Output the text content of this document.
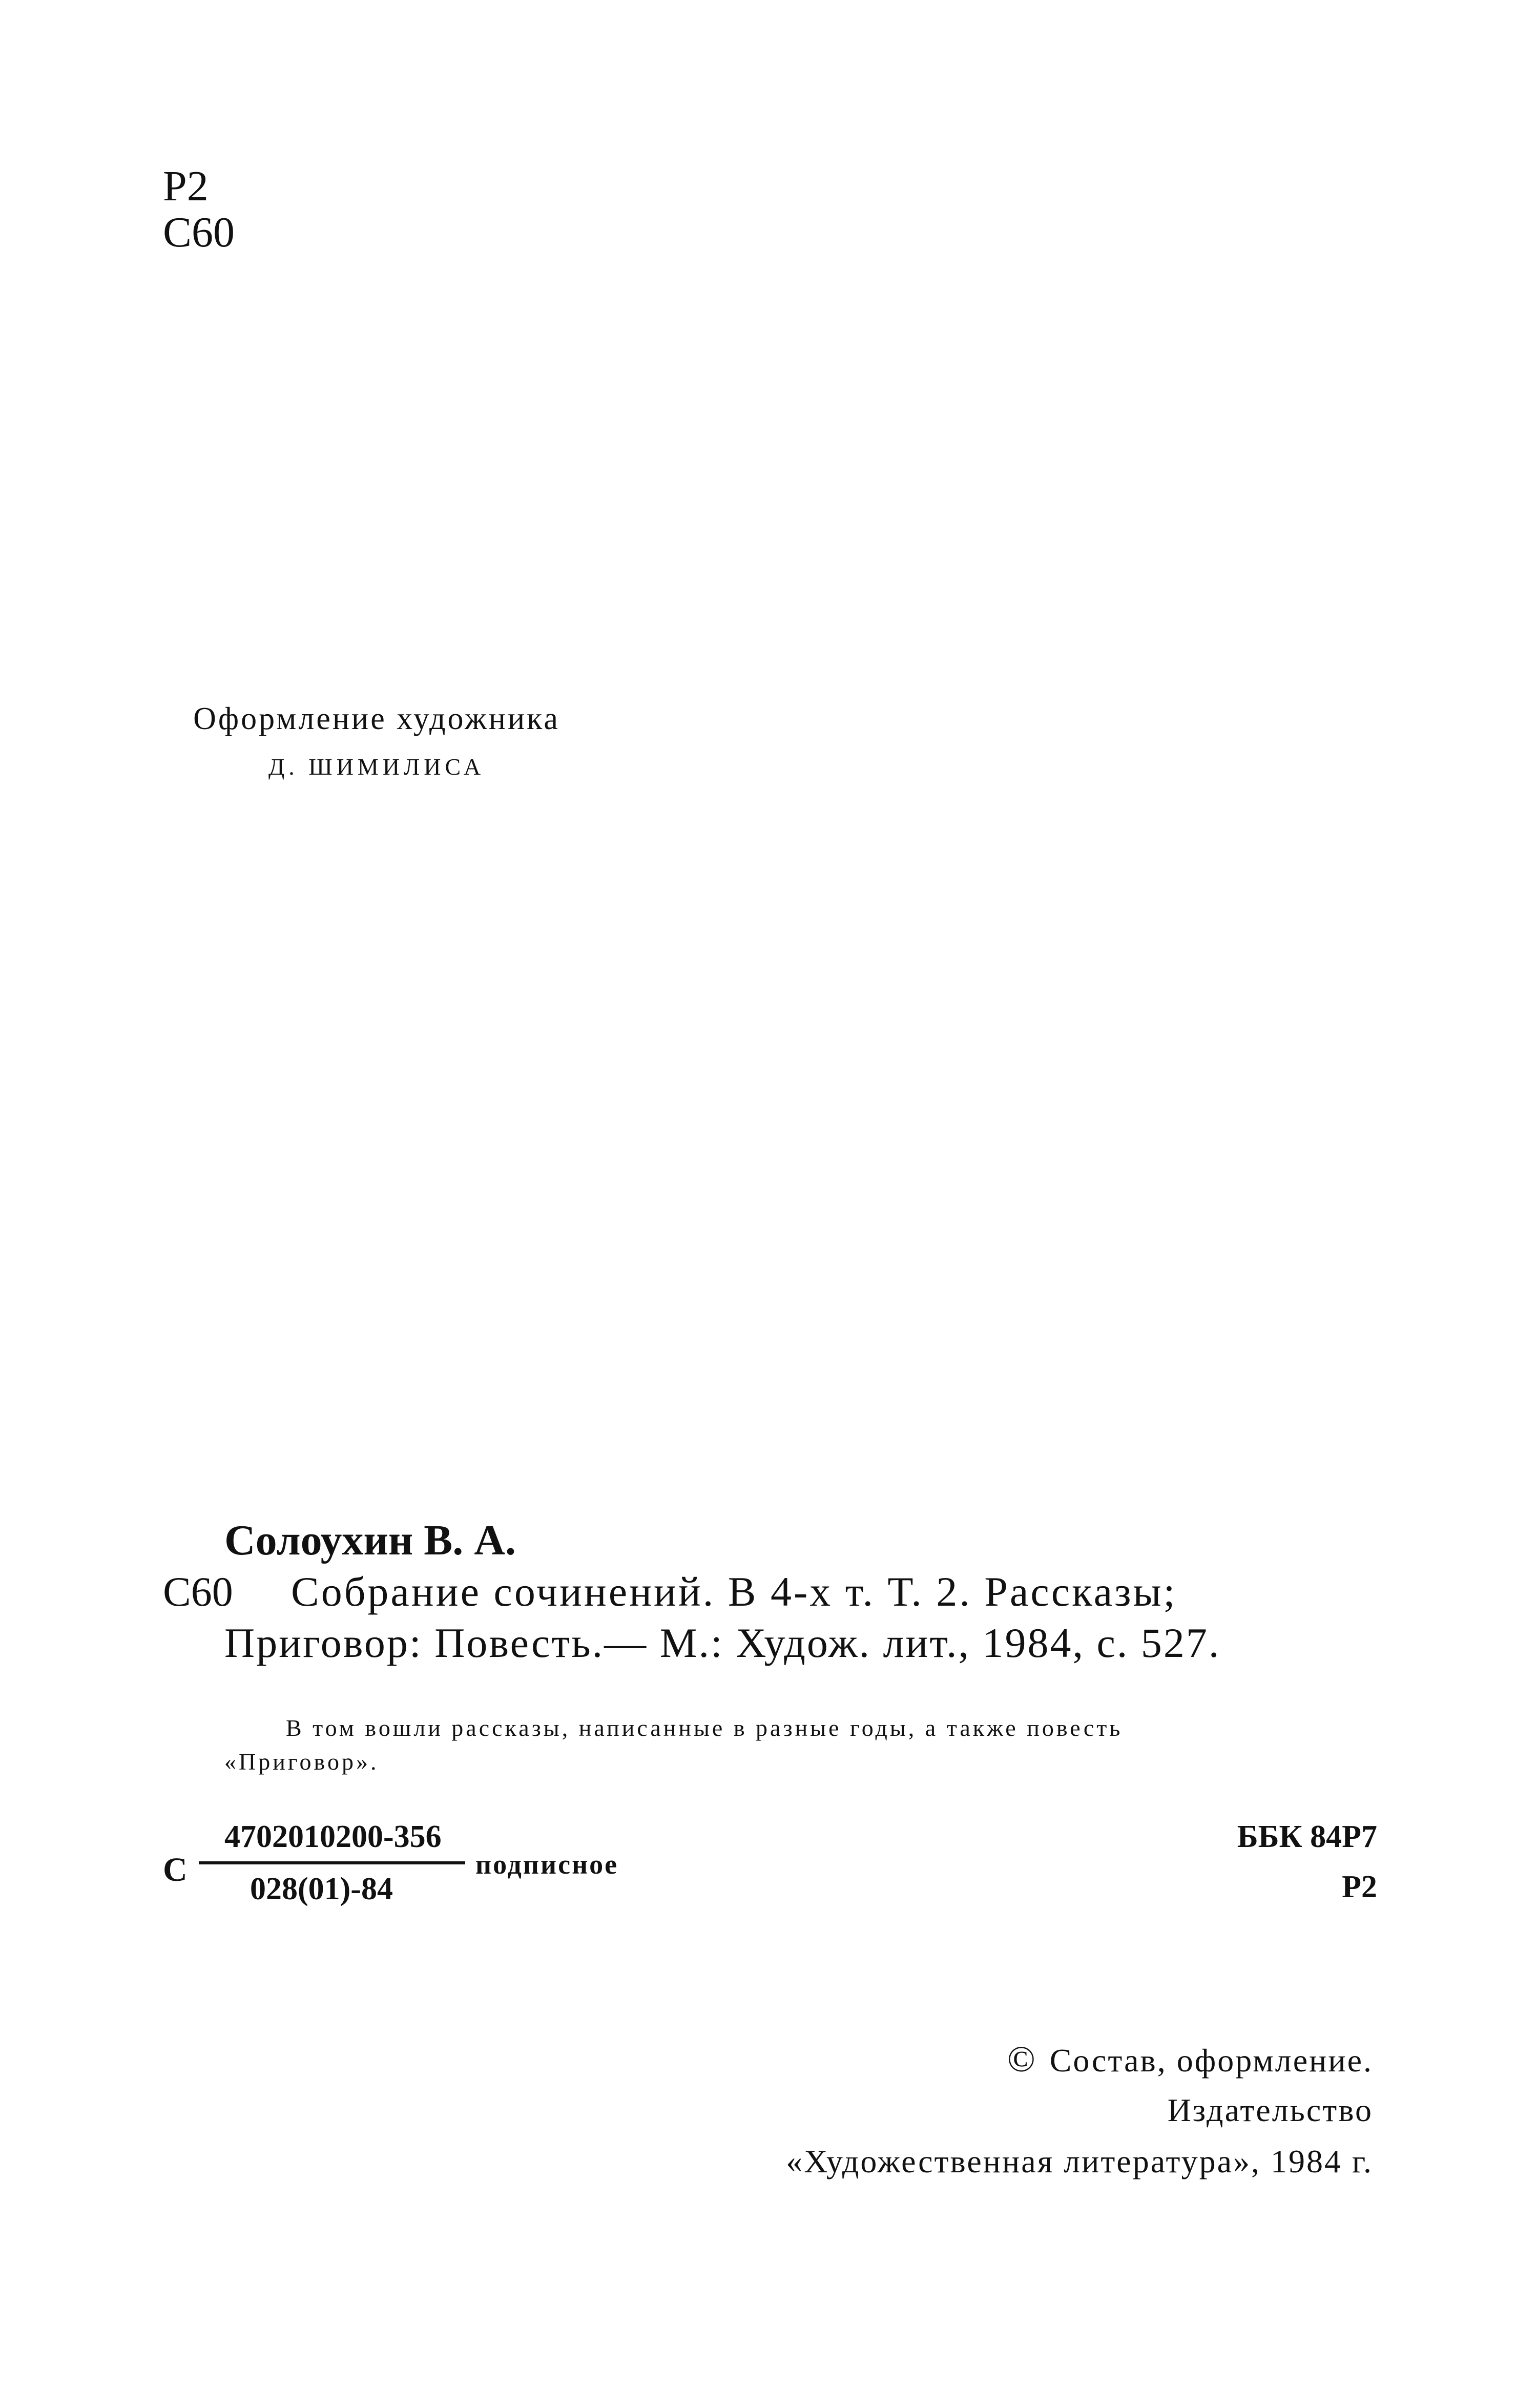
P2
C60
Оформление художника
Д. ШИМИЛИСА
Солоухин В. А.
С60 Собрание сочинений. В 4-х т. Т. 2. Рассказы;
Приговор: Повесть.— М.: Худож. лит., 1984, с. 527.
В том вошли рассказы, написанные в разные годы, а также повесть
«Приговор».
С
4702010200-356
028(01)-84
подписное
ББК 84Р7
Р2
© Состав, оформление.
Издательство
«Художественная литература», 1984 г.
